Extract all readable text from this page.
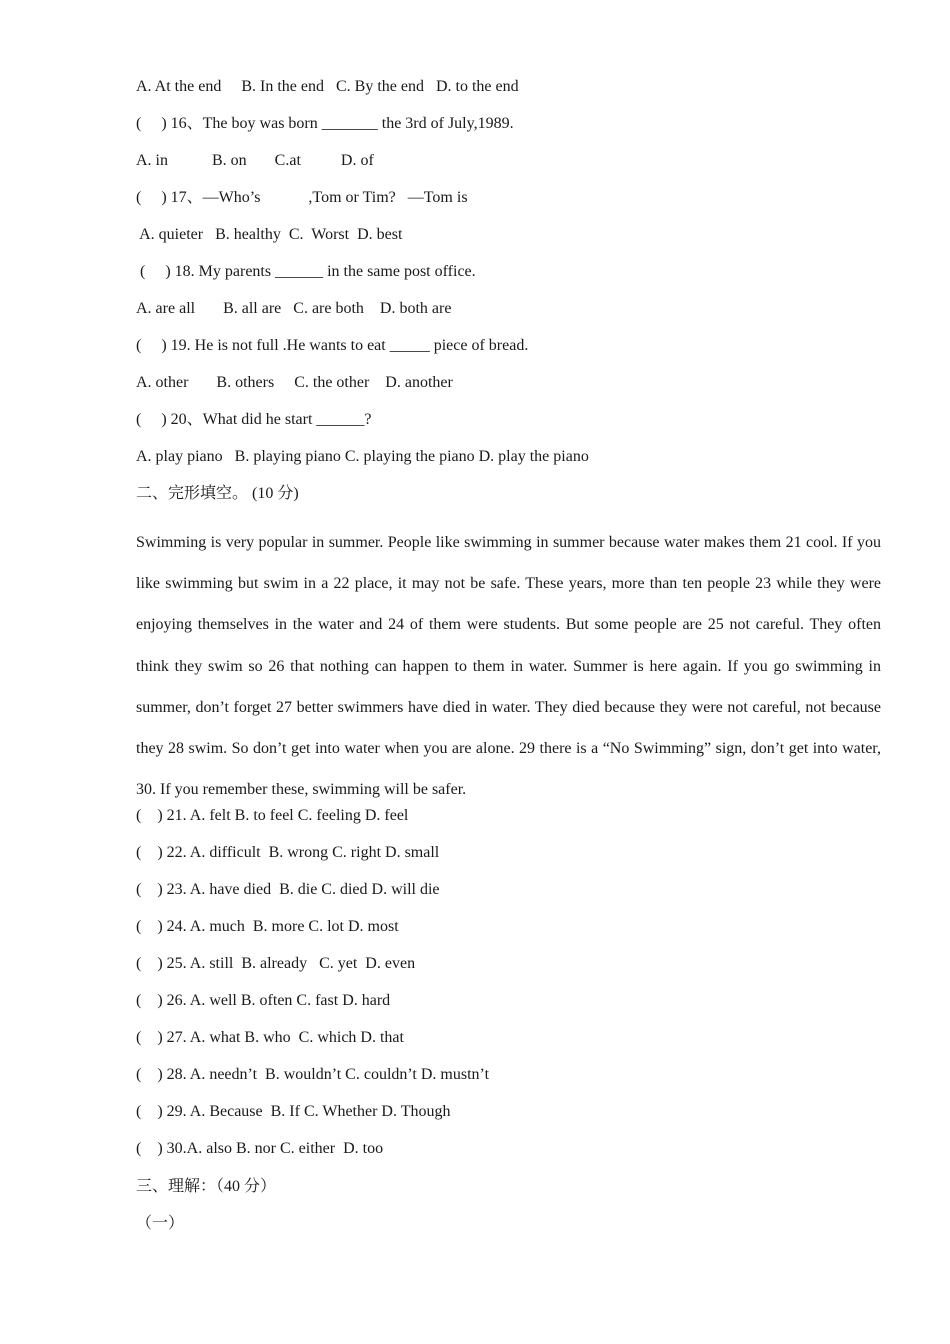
A. At the end     B. In the end   C. By the end   D. to the end
(     ) 16、The boy was born _______ the 3rd of July,1989.
A. in           B. on       C.at          D. of
(     ) 17、—Who’s            ,Tom or Tim?   —Tom is
A. quieter   B. healthy  C.  Worst  D. best
(     ) 18. My parents ______ in the same post office.
A. are all       B. all are   C. are both    D. both are
(     ) 19. He is not full .He wants to eat _____ piece of bread.
A. other       B. others     C. the other    D. another
(     ) 20、What did he start ______?
A. play piano   B. playing piano C. playing the piano D. play the piano
二、完形填空。 (10 分)
Swimming is very popular in summer. People like swimming in summer because water makes them 21 cool. If you like swimming but swim in a 22 place, it may not be safe. These years, more than ten people 23 while they were enjoying themselves in the water and 24 of them were students. But some people are 25 not careful. They often think they swim so 26 that nothing can happen to them in water. Summer is here again. If you go swimming in summer, don’t forget 27 better swimmers have died in water. They died because they were not careful, not because they 28 swim. So don’t get into water when you are alone. 29 there is a “No Swimming” sign, don’t get into water, 30. If you remember these, swimming will be safer.
(    ) 21. A. felt B. to feel C. feeling D. feel
(    ) 22. A. difficult  B. wrong C. right D. small
(    ) 23. A. have died  B. die C. died D. will die
(    ) 24. A. much  B. more C. lot D. most
(    ) 25. A. still  B. already   C. yet  D. even
(    ) 26. A. well B. often C. fast D. hard
(    ) 27. A. what B. who  C. which D. that
(    ) 28. A. needn’t  B. wouldn’t C. couldn’t D. mustn’t
(    ) 29. A. Because  B. If C. Whether D. Though
(    ) 30.A. also B. nor C. either  D. too
三、理解：（40 分）
（一）
